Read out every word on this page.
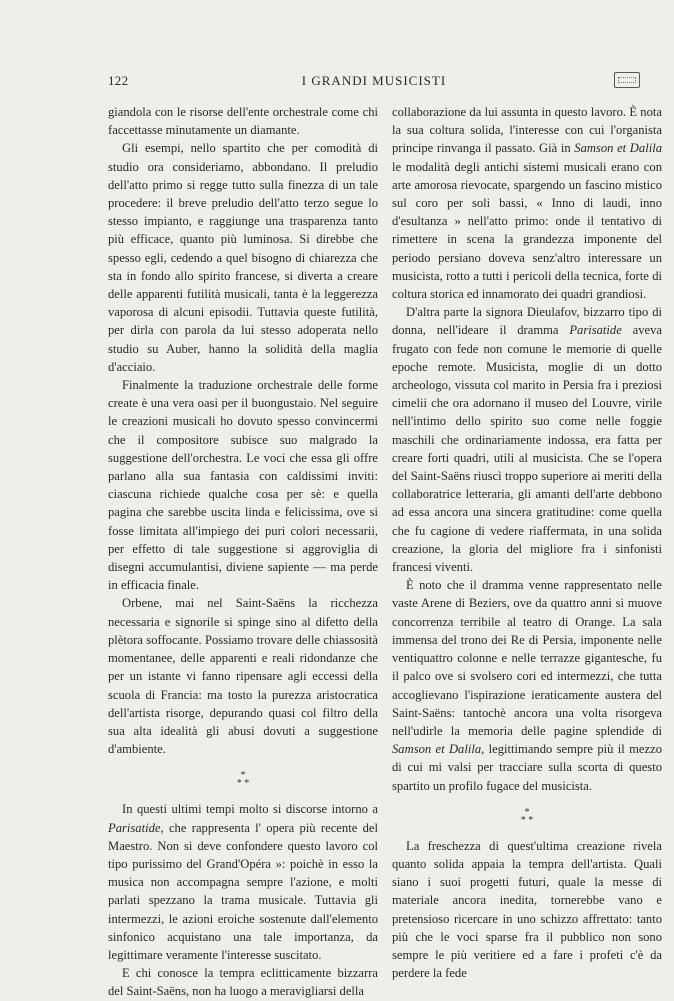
122	I GRANDI MUSICISTI

giandola con le risorse dell'ente orchestrale come chi faccettasse minutamente un diamante.

Gli esempi, nello spartito che per comodità di studio ora consideriamo, abbondano. Il preludio dell'atto primo si regge tutto sulla finezza di un tale procedere: il breve preludio dell'atto terzo segue lo stesso impianto, e raggiunge una trasparenza tanto più efficace, quanto più luminosa. Si direbbe che spesso egli, cedendo a quel bisogno di chiarezza che sta in fondo allo spirito francese, si diverta a creare delle apparenti futilità musicali, tanta è la leggerezza vaporosa di alcuni episodii. Tuttavia queste futilità, per dirla con parola da lui stesso adoperata nello studio su Auber, hanno la solidità della maglia d'acciaio.

Finalmente la traduzione orchestrale delle forme create è una vera oasi per il buongustaio. Nel seguire le creazioni musicali ho dovuto spesso convincermi che il compositore subisce suo malgrado la suggestione dell'orchestra. Le voci che essa gli offre parlano alla sua fantasia con caldissimi inviti: ciascuna richiede qualche cosa per sè: e quella pagina che sarebbe uscita linda e felicissima, ove si fosse limitata all'impiego dei puri colori necessarii, per effetto di tale suggestione si aggroviglia di disegni accumulantisi, diviene sapiente — ma perde in efficacia finale.

Orbene, mai nel Saint-Saëns la ricchezza necessaria e signorile si spinge sino al difetto della plètora soffocante. Possiamo trovare delle chiassosità momentanee, delle apparenti e reali ridondanze che per un istante vi fanno ripensare agli eccessi della scuola di Francia: ma tosto la purezza aristocratica dell'artista risorge, depurando quasi col filtro della sua alta idealità gli abusi dovuti a suggestione d'ambiente.

*
* *

In questi ultimi tempi molto si discorse intorno a Parisatide, che rappresenta l' opera più recente del Maestro. Non si deve confondere questo lavoro col tipo purissimo del Grand'Opéra »: poichè in esso la musica non accompagna sempre l'azione, e molti parlati spezzano la trama musicale. Tuttavia gli intermezzi, le azioni eroiche sostenute dall'elemento sinfonico acquistano una tale importanza, da legittimare veramente l'interesse suscitato.

E chi conosce la tempra eclitticamente bizzarra del Saint-Saëns, non ha luogo a meravigliarsi della

collaborazione da lui assunta in questo lavoro. È nota la sua coltura solida, l'interesse con cui l'organista principe rinvanga il passato. Già in Samson et Dalila le modalità degli antichi sistemi musicali erano con arte amorosa rievocate, spargendo un fascino mistico sul coro per soli bassi, « Inno di laudi, inno d'esultanza » nell'atto primo: onde il tentativo di rimettere in scena la grandezza imponente del periodo persiano doveva senz'altro interessare un musicista, rotto a tutti i pericoli della tecnica, forte di coltura storica ed innamorato dei quadri grandiosi.

D'altra parte la signora Dieulafov, bizzarro tipo di donna, nell'ideare il dramma Parisatide aveva frugato con fede non comune le memorie di quelle epoche remote. Musicista, moglie di un dotto archeologo, vissuta col marito in Persia fra i preziosi cimelii che ora adornano il museo del Louvre, virile nell'intimo dello spirito suo come nelle foggie maschili che ordinariamente indossa, era fatta per creare forti quadri, utili al musicista. Che se l'opera del Saint-Saëns riuscì troppo superiore ai meriti della collaboratrice letteraria, gli amanti dell'arte debbono ad essa ancora una sincera gratitudine: come quella che fu cagione di vedere riaffermata, in una solida creazione, la gloria del migliore fra i sinfonisti francesi viventi.

È noto che il dramma venne rappresentato nelle vaste Arene di Beziers, ove da quattro anni si muove concorrenza terribile al teatro di Orange. La sala immensa del trono dei Re di Persia, imponente nelle ventiquattro colonne e nelle terrazze gigantesche, fu il palco ove si svolsero cori ed intermezzi, che tutta accoglievano l'ispirazione ieraticamente austera del Saint-Saëns: tantochè ancora una volta risorgeva nell'udirle la memoria delle pagine splendide di Samson et Dalila, legittimando sempre più il mezzo di cui mi valsi per tracciare sulla scorta di questo spartito un profilo fugace del musicista.

*
* *

La freschezza di quest'ultima creazione rivela quanto solida appaia la tempra dell'artista. Quali siano i suoi progetti futuri, quale la messe di materiale ancora inedita, tornerebbe vano e pretensioso ricercare in uno schizzo affrettato: tanto più che le voci sparse fra il pubblico non sono sempre le più veritiere ed a fare i profeti c'è da perdere la fede
